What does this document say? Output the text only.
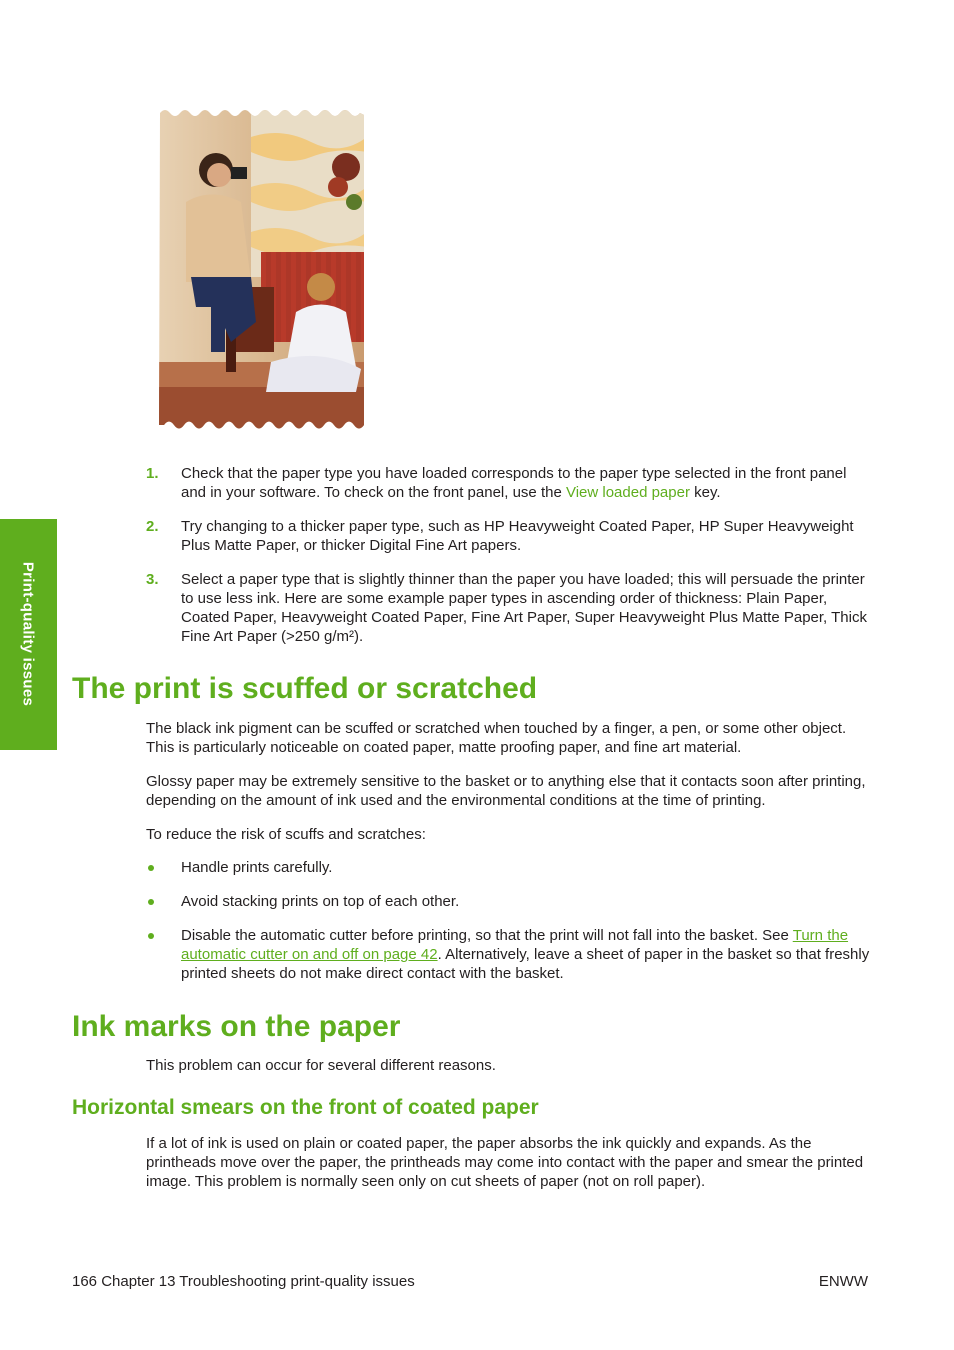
Print-quality issues
1. Check that the paper type you have loaded corresponds to the paper type selected in the front panel and in your software. To check on the front panel, use the View loaded paper key.
2. Try changing to a thicker paper type, such as HP Heavyweight Coated Paper, HP Super Heavyweight Plus Matte Paper, or thicker Digital Fine Art papers.
3. Select a paper type that is slightly thinner than the paper you have loaded; this will persuade the printer to use less ink. Here are some example paper types in ascending order of thickness: Plain Paper, Coated Paper, Heavyweight Coated Paper, Fine Art Paper, Super Heavyweight Plus Matte Paper, Thick Fine Art Paper (>250 g/m²).
The print is scuffed or scratched

The black ink pigment can be scuffed or scratched when touched by a finger, a pen, or some other object. This is particularly noticeable on coated paper, matte proofing paper, and fine art material.

Glossy paper may be extremely sensitive to the basket or to anything else that it contacts soon after printing, depending on the amount of ink used and the environmental conditions at the time of printing.

To reduce the risk of scuffs and scratches:

Handle prints carefully.
Avoid stacking prints on top of each other.
Disable the automatic cutter before printing, so that the print will not fall into the basket. See Turn the automatic cutter on and off on page 42. Alternatively, leave a sheet of paper in the basket so that freshly printed sheets do not make direct contact with the basket.
Ink marks on the paper

This problem can occur for several different reasons.

Horizontal smears on the front of coated paper

If a lot of ink is used on plain or coated paper, the paper absorbs the ink quickly and expands. As the printheads move over the paper, the printheads may come into contact with the paper and smear the printed image. This problem is normally seen only on cut sheets of paper (not on roll paper).

166 Chapter 13 Troubleshooting print-quality issues	ENWW
